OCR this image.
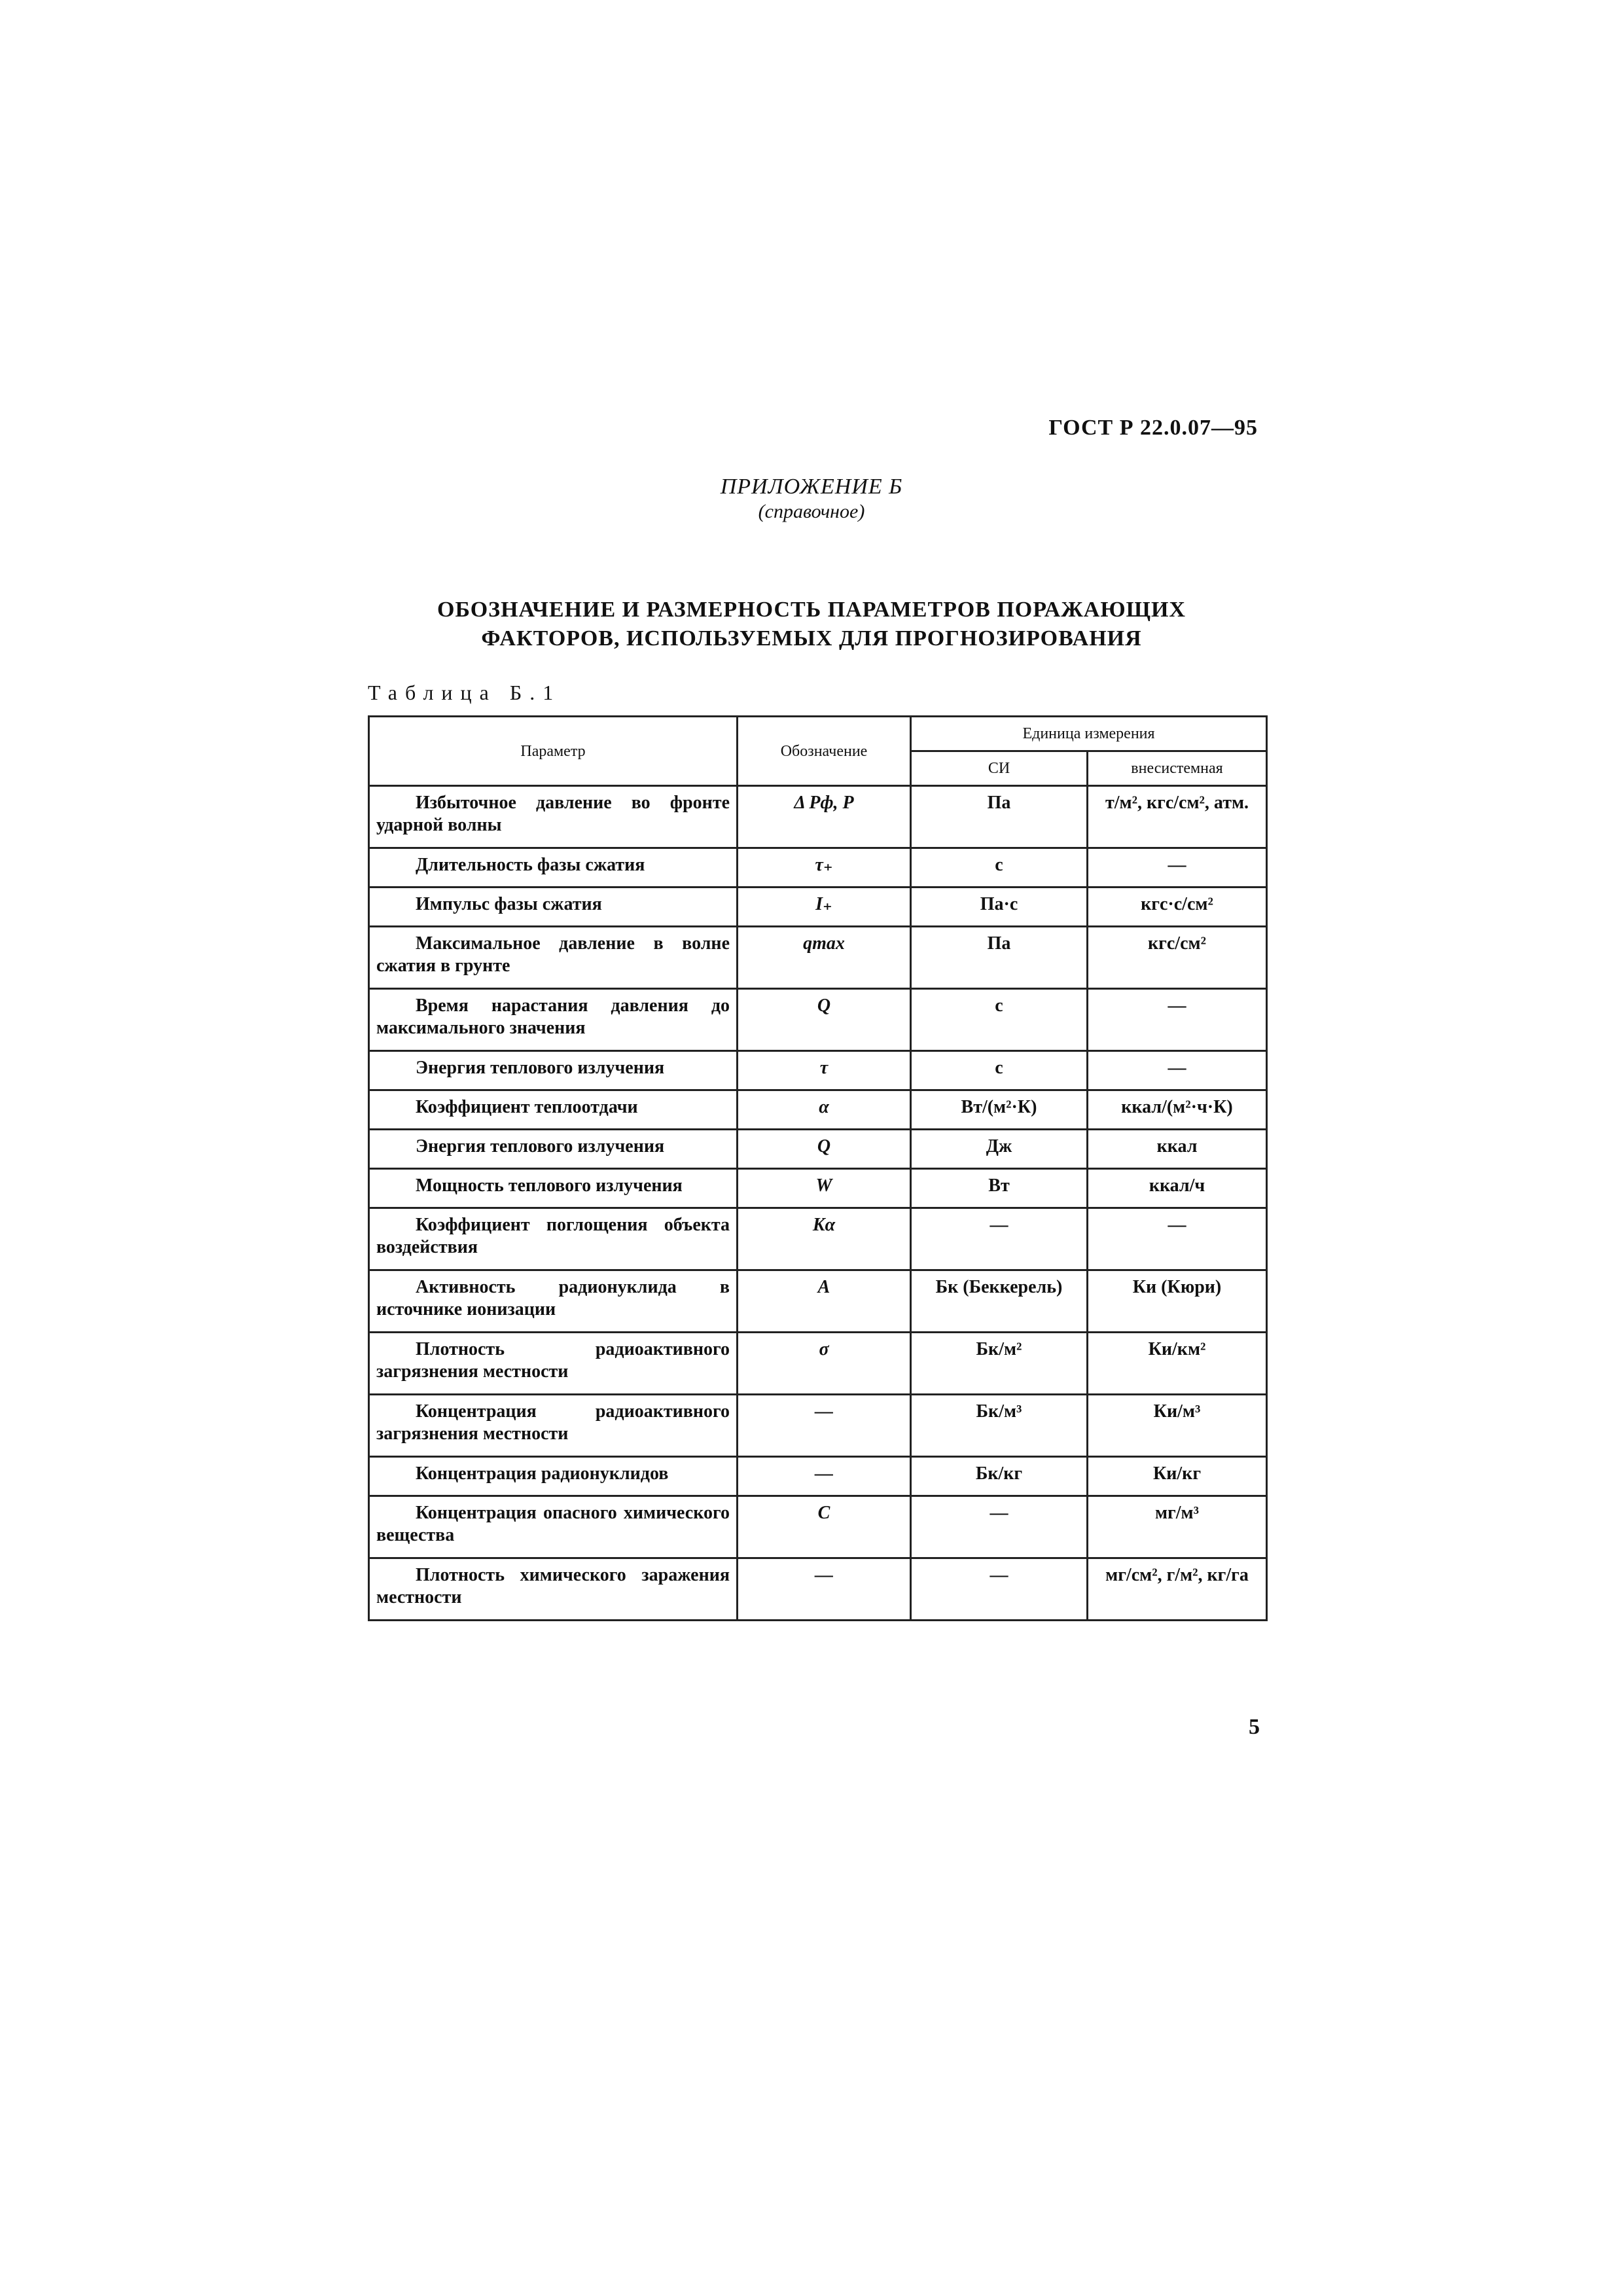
ГОСТ Р 22.0.07—95
ПРИЛОЖЕНИЕ Б
(справочное)
ОБОЗНАЧЕНИЕ И РАЗМЕРНОСТЬ ПАРАМЕТРОВ ПОРАЖАЮЩИХ
ФАКТОРОВ, ИСПОЛЬЗУЕМЫХ ДЛЯ ПРОГНОЗИРОВАНИЯ
Таблица Б.1
Параметр	Обозначение	Единица измерения	
		СИ	внесистемная
Избыточное давление во фронте ударной волны	Δ Рф, Р	Па	т/м², кгс/см², атм.
Длительность фазы сжатия	τ₊	с	—
Импульс фазы сжатия	I₊	Па·с	кгс·с/см²
Максимальное давление в волне сжатия в грунте	qmax	Па	кгс/см²
Время нарастания давления до максимального значения	Q	с	—
Энергия теплового излучения	τ	с	—
Коэффициент теплоотдачи	α	Вт/(м²·К)	ккал/(м²·ч·К)
Энергия теплового излучения	Q	Дж	ккал
Мощность теплового излучения	W	Вт	ккал/ч
Коэффициент поглощения объекта воздействия	Kα	—	—
Активность радионуклида в источнике ионизации	A	Бк (Беккерель)	Ки (Кюри)
Плотность радиоактивного загрязнения местности	σ	Бк/м²	Ки/км²
Концентрация радиоактивного загрязнения местности	—	Бк/м³	Ки/м³
Концентрация радионуклидов	—	Бк/кг	Ки/кг
Концентрация опасного химического вещества	C	—	мг/м³
Плотность химического заражения местности	—	—	мг/см², г/м², кг/га
5
